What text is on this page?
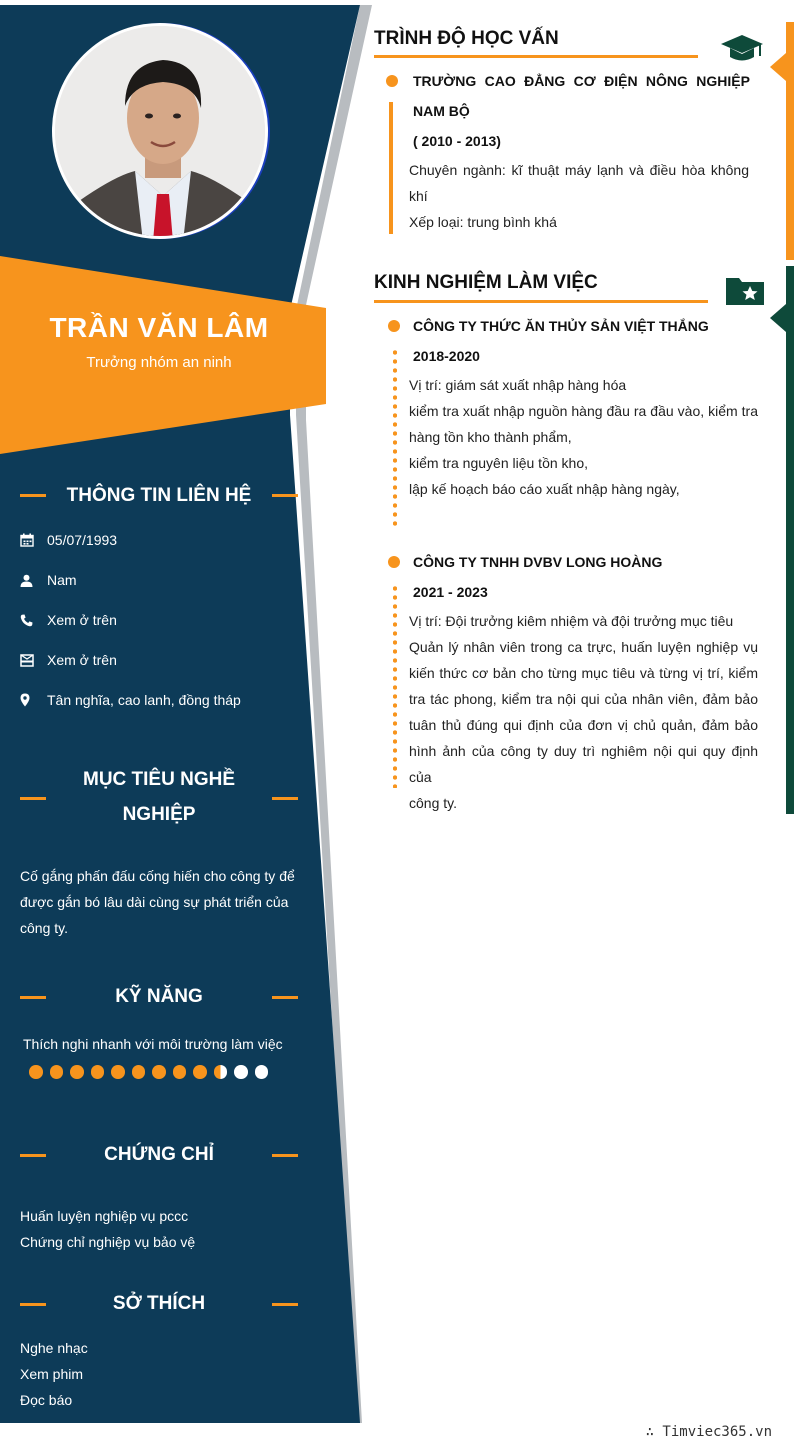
TRẦN VĂN LÂM
Trưởng nhóm an ninh
THÔNG TIN LIÊN HỆ
05/07/1993
Nam
Xem ở trên
Xem ở trên
Tân nghĩa, cao lanh, đồng tháp
MỤC TIÊU NGHỀ
NGHIỆP
Cố gắng phấn đấu cống hiến cho công ty để
được gắn bó lâu dài cùng sự phát triển của
công ty.
KỸ NĂNG
Thích nghi nhanh với môi trường làm việc
CHỨNG CHỈ
Huấn luyện nghiệp vụ pccc
Chứng chỉ nghiệp vụ bảo vệ
SỞ THÍCH
Nghe nhạc
Xem phim
Đọc báo
TRÌNH ĐỘ HỌC VẤN
TRƯỜNG CAO ĐẲNG CƠ ĐIỆN NÔNG NGHIỆP
NAM BỘ
( 2010 - 2013)
Chuyên ngành: kĩ thuật máy lạnh và điều hòa không
khí
Xếp loại: trung bình khá
KINH NGHIỆM LÀM VIỆC
CÔNG TY THỨC ĂN THỦY SẢN VIỆT THẮNG
2018-2020
Vị trí: giám sát xuất nhập hàng hóa
kiểm tra xuất nhập nguồn hàng đầu ra đầu vào, kiểm tra
hàng tồn kho thành phẩm,
kiểm tra nguyên liệu tồn kho,
lập kế hoạch báo cáo xuất nhập hàng ngày,
CÔNG TY TNHH DVBV LONG HOÀNG
2021 - 2023
Vị trí: Đội trưởng kiêm nhiệm và đội trưởng mục tiêu
Quản lý nhân viên trong ca trực, huấn luyện nghiệp vụ
kiến thức cơ bản cho từng mục tiêu và từng vị trí, kiểm
tra tác phong, kiểm tra nội qui của nhân viên, đảm bảo
tuân thủ đúng qui định của đơn vị chủ quản, đảm bảo
hình ảnh của công ty duy trì nghiêm nội qui quy định của
công ty.
∴ Timviec365.vn
